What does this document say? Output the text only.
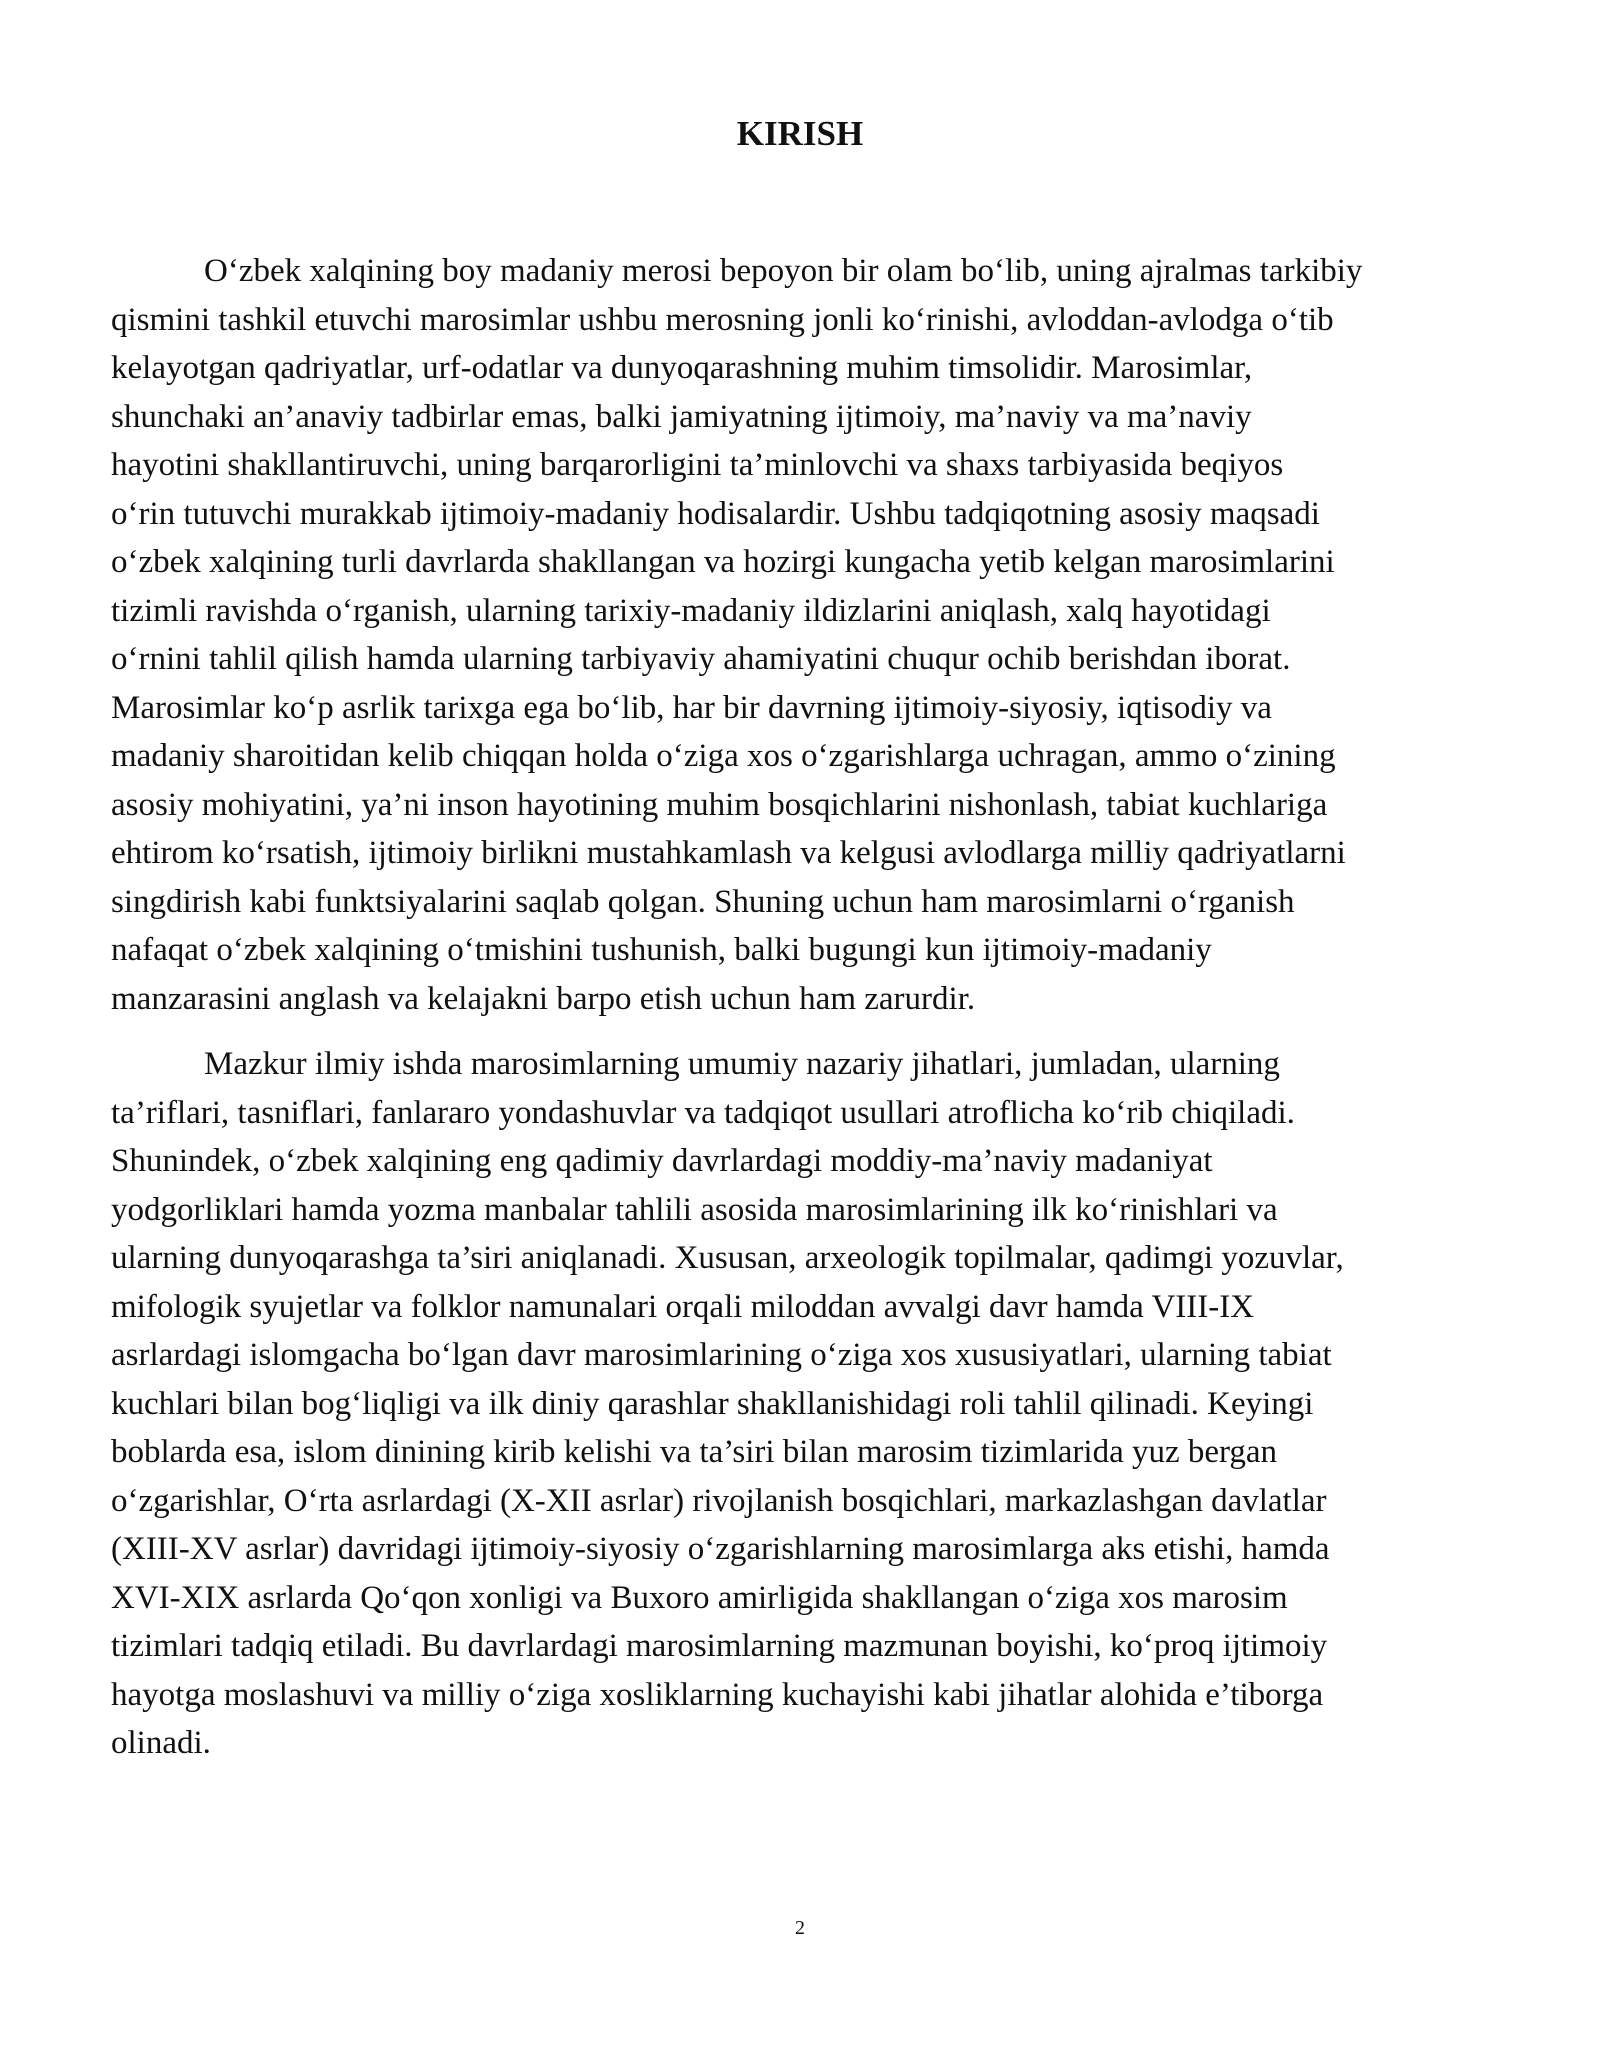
KIRISH

O‘zbek xalqining boy madaniy merosi bepoyon bir olam bo‘lib, uning ajralmas tarkibiy
qismini tashkil etuvchi marosimlar ushbu merosning jonli ko‘rinishi, avloddan-avlodga o‘tib
kelayotgan qadriyatlar, urf-odatlar va dunyoqarashning muhim timsolidir. Marosimlar,
shunchaki an’anaviy tadbirlar emas, balki jamiyatning ijtimoiy, ma’naviy va ma’naviy
hayotini shakllantiruvchi, uning barqarorligini ta’minlovchi va shaxs tarbiyasida beqiyos
o‘rin tutuvchi murakkab ijtimoiy-madaniy hodisalardir. Ushbu tadqiqotning asosiy maqsadi
o‘zbek xalqining turli davrlarda shakllangan va hozirgi kungacha yetib kelgan marosimlarini
tizimli ravishda o‘rganish, ularning tarixiy-madaniy ildizlarini aniqlash, xalq hayotidagi
o‘rnini tahlil qilish hamda ularning tarbiyaviy ahamiyatini chuqur ochib berishdan iborat.
Marosimlar ko‘p asrlik tarixga ega bo‘lib, har bir davrning ijtimoiy-siyosiy, iqtisodiy va
madaniy sharoitidan kelib chiqqan holda o‘ziga xos o‘zgarishlarga uchragan, ammo o‘zining
asosiy mohiyatini, ya’ni inson hayotining muhim bosqichlarini nishonlash, tabiat kuchlariga
ehtirom ko‘rsatish, ijtimoiy birlikni mustahkamlash va kelgusi avlodlarga milliy qadriyatlarni
singdirish kabi funktsiyalarini saqlab qolgan. Shuning uchun ham marosimlarni o‘rganish
nafaqat o‘zbek xalqining o‘tmishini tushunish, balki bugungi kun ijtimoiy-madaniy
manzarasini anglash va kelajakni barpo etish uchun ham zarurdir.

Mazkur ilmiy ishda marosimlarning umumiy nazariy jihatlari, jumladan, ularning
ta’riflari, tasniflari, fanlararo yondashuvlar va tadqiqot usullari atroflicha ko‘rib chiqiladi.
Shunindek, o‘zbek xalqining eng qadimiy davrlardagi moddiy-ma’naviy madaniyat
yodgorliklari hamda yozma manbalar tahlili asosida marosimlarining ilk ko‘rinishlari va
ularning dunyoqarashga ta’siri aniqlanadi. Xususan, arxeologik topilmalar, qadimgi yozuvlar,
mifologik syujetlar va folklor namunalari orqali miloddan avvalgi davr hamda VIII-IX
asrlardagi islomgacha bo‘lgan davr marosimlarining o‘ziga xos xususiyatlari, ularning tabiat
kuchlari bilan bog‘liqligi va ilk diniy qarashlar shakllanishidagi roli tahlil qilinadi. Keyingi
boblarda esa, islom dinining kirib kelishi va ta’siri bilan marosim tizimlarida yuz bergan
o‘zgarishlar, O‘rta asrlardagi (X-XII asrlar) rivojlanish bosqichlari, markazlashgan davlatlar
(XIII-XV asrlar) davridagi ijtimoiy-siyosiy o‘zgarishlarning marosimlarga aks etishi, hamda
XVI-XIX asrlarda Qo‘qon xonligi va Buxoro amirligida shakllangan o‘ziga xos marosim
tizimlari tadqiq etiladi. Bu davrlardagi marosimlarning mazmunan boyishi, ko‘proq ijtimoiy
hayotga moslashuvi va milliy o‘ziga xosliklarning kuchayishi kabi jihatlar alohida e’tiborga
olinadi.

2
